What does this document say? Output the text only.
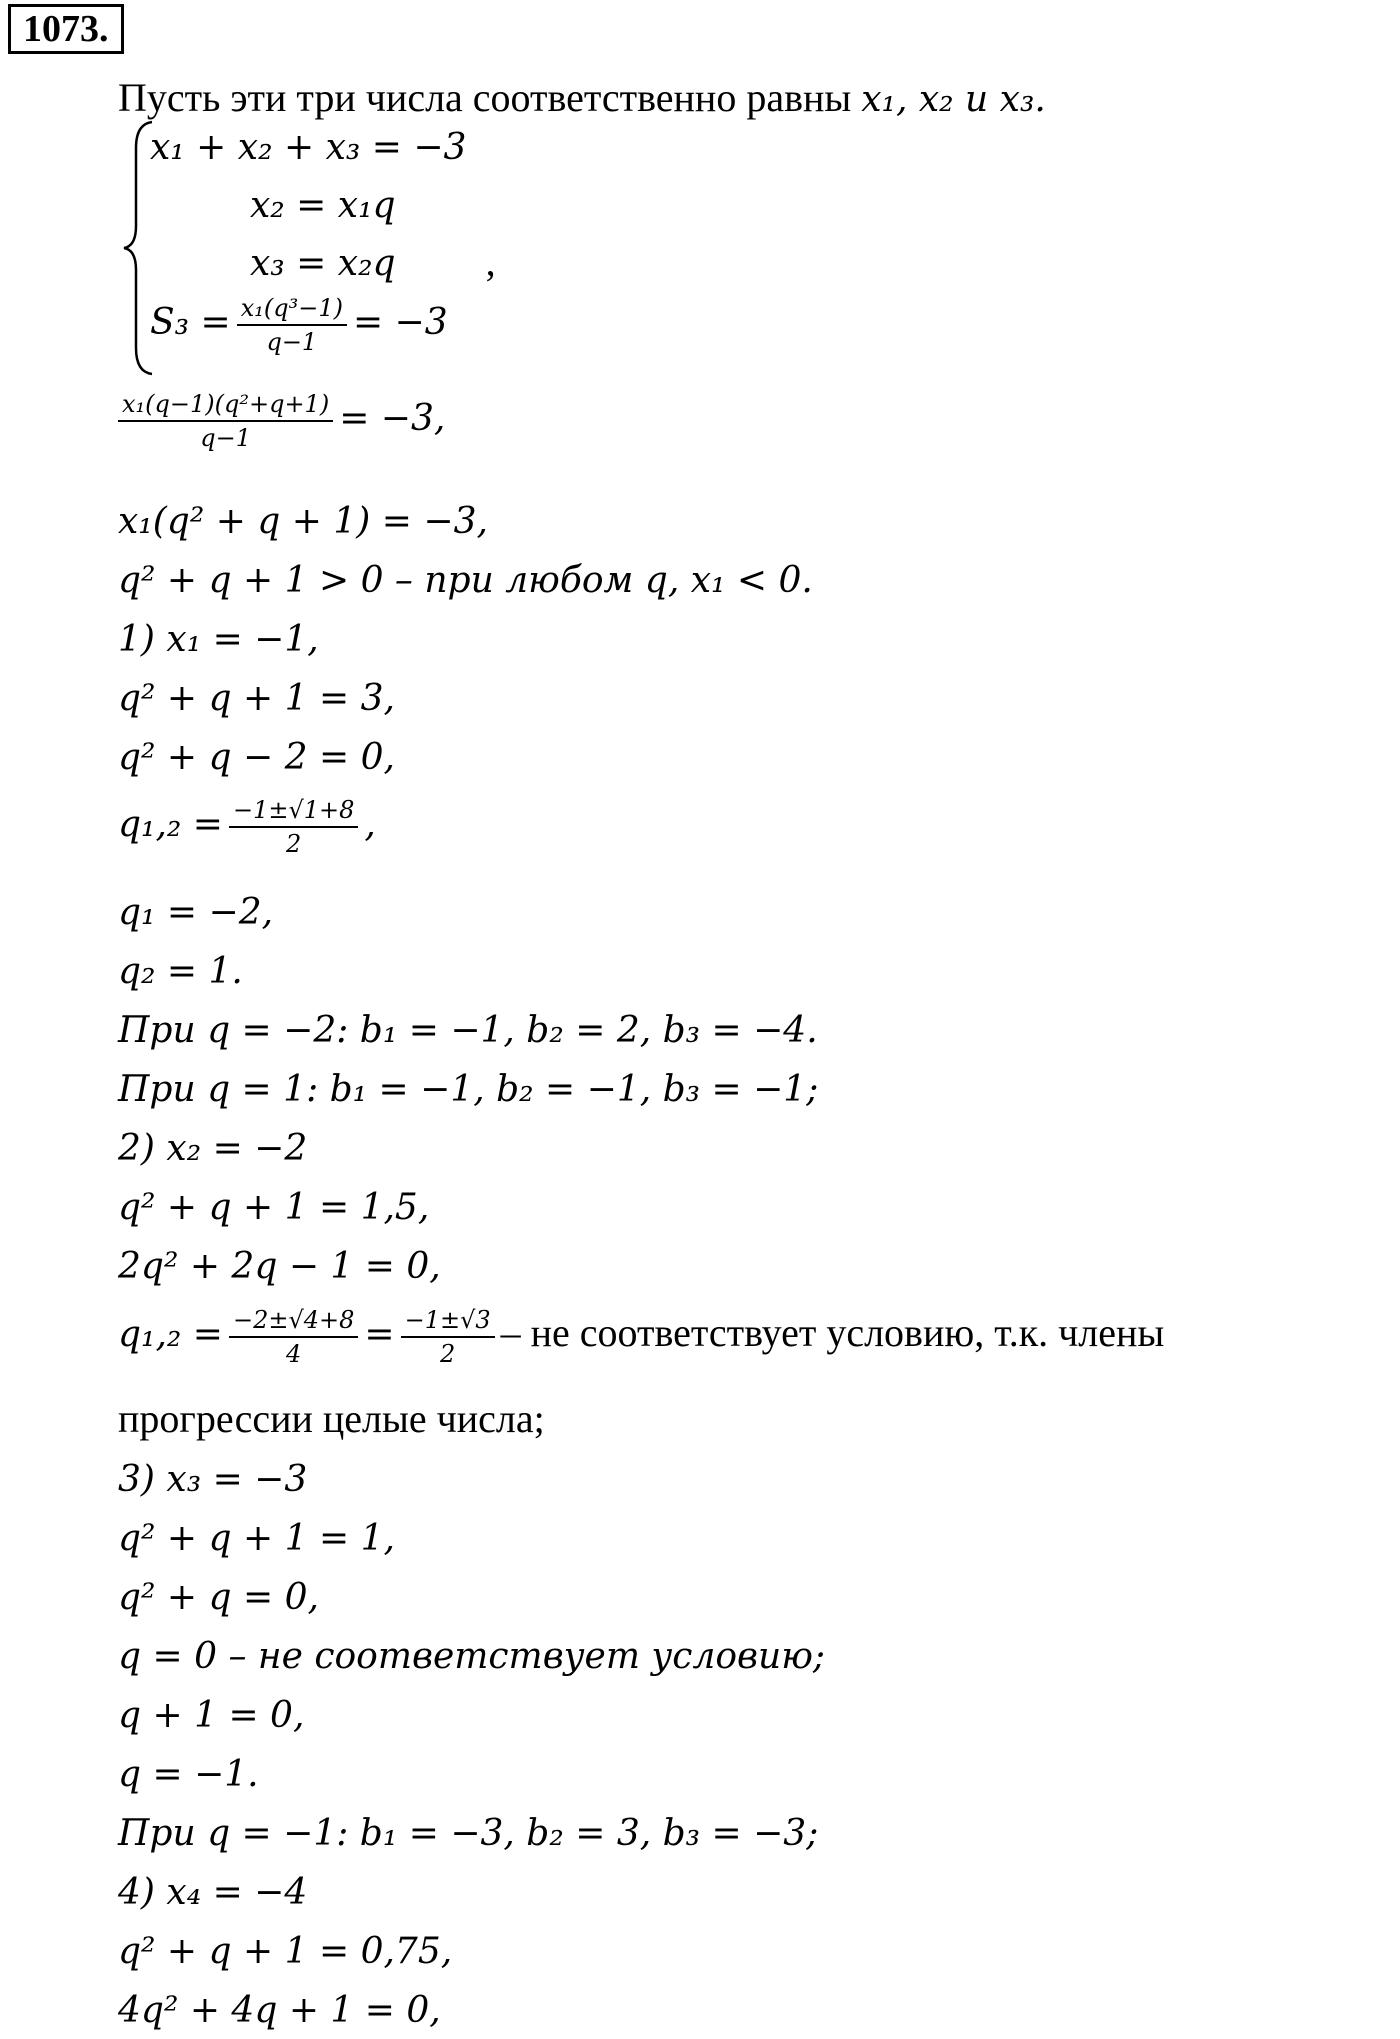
1073.
Пусть эти три числа соответственно равны x₁, x₂ и x₃.
x₁ + x₂ + x₃ = −3
x₂ = x₁q
x₃ = x₂q ,
$S_3 = \frac{\text{x₁(q³−1)}}{q-1} = -3$
$\frac{\text{x₁(q−1)(q²+q+1)}}{q-1} = -3$,
x₁(q² + q + 1) = −3,
q² + q + 1 > 0 – при любом q, x₁ < 0.
1) x₁ = −1,
q² + q + 1 = 3,
q² + q − 2 = 0,
$q_1,_2 = \frac{-1\pm√1+8}{2}$ ,
q₁ = −2,
q₂ = 1.
При q = −2: b₁ = −1, b₂ = 2, b₃ = −4.
При q = 1: b₁ = −1, b₂ = −1, b₃ = −1;
2) x₂ = −2
q² + q + 1 = 1,5,
2q² + 2q − 1 = 0,
$q_1,_2 = \frac{-2\pm√4+8}{4} = \frac{-1\pm√3}{2}$ – не соответствует условию, т.к. члены
прогрессии целые числа;
3) x₃ = −3
q² + q + 1 = 1,
q² + q = 0,
q = 0 – не соответствует условию;
q + 1 = 0,
q = −1.
При q = −1: b₁ = −3, b₂ = 3, b₃ = −3;
4) x₄ = −4
q² + q + 1 = 0,75,
4q² + 4q + 1 = 0,
